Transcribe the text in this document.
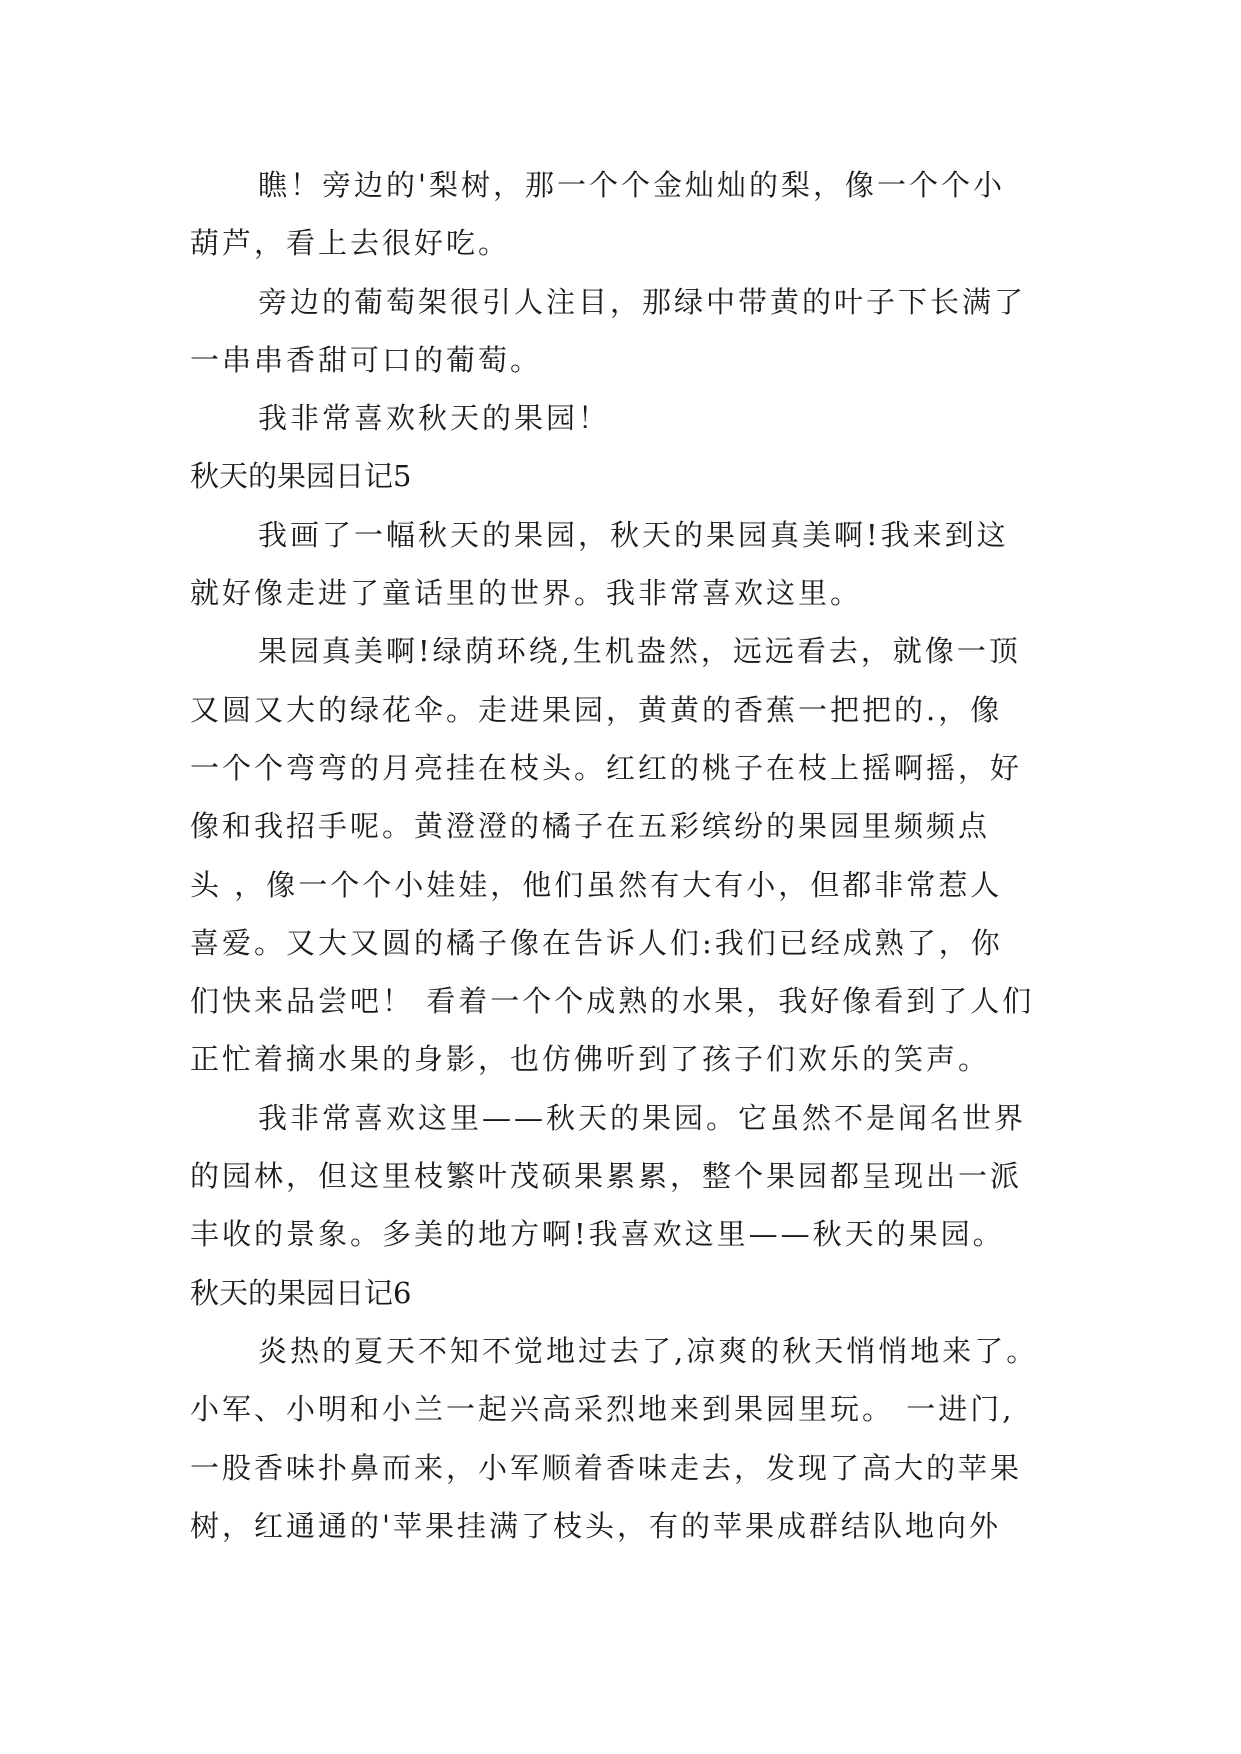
瞧！旁边的'梨树，那一个个金灿灿的梨，像一个个小
葫芦，看上去很好吃。
旁边的葡萄架很引人注目，那绿中带黄的叶子下长满了
一串串香甜可口的葡萄。
我非常喜欢秋天的果园！
秋天的果园日记5
我画了一幅秋天的果园，秋天的果园真美啊!我来到这
就好像走进了童话里的世界。我非常喜欢这里。
果园真美啊!绿荫环绕,生机盎然，远远看去，就像一顶
又圆又大的绿花伞。走进果园，黄黄的香蕉一把把的.，像
一个个弯弯的月亮挂在枝头。红红的桃子在枝上摇啊摇，好
像和我招手呢。黄澄澄的橘子在五彩缤纷的果园里频频点
头 ，像一个个小娃娃，他们虽然有大有小，但都非常惹人
喜爱。又大又圆的橘子像在告诉人们:我们已经成熟了，你
们快来品尝吧！ 看着一个个成熟的水果，我好像看到了人们
正忙着摘水果的身影，也仿佛听到了孩子们欢乐的笑声。
我非常喜欢这里——秋天的果园。它虽然不是闻名世界
的园林，但这里枝繁叶茂硕果累累，整个果园都呈现出一派
丰收的景象。多美的地方啊!我喜欢这里——秋天的果园。
秋天的果园日记6
炎热的夏天不知不觉地过去了,凉爽的秋天悄悄地来了。
小军、小明和小兰一起兴高采烈地来到果园里玩。 一进门,
一股香味扑鼻而来，小军顺着香味走去，发现了高大的苹果
树，红通通的'苹果挂满了枝头，有的苹果成群结队地向外
